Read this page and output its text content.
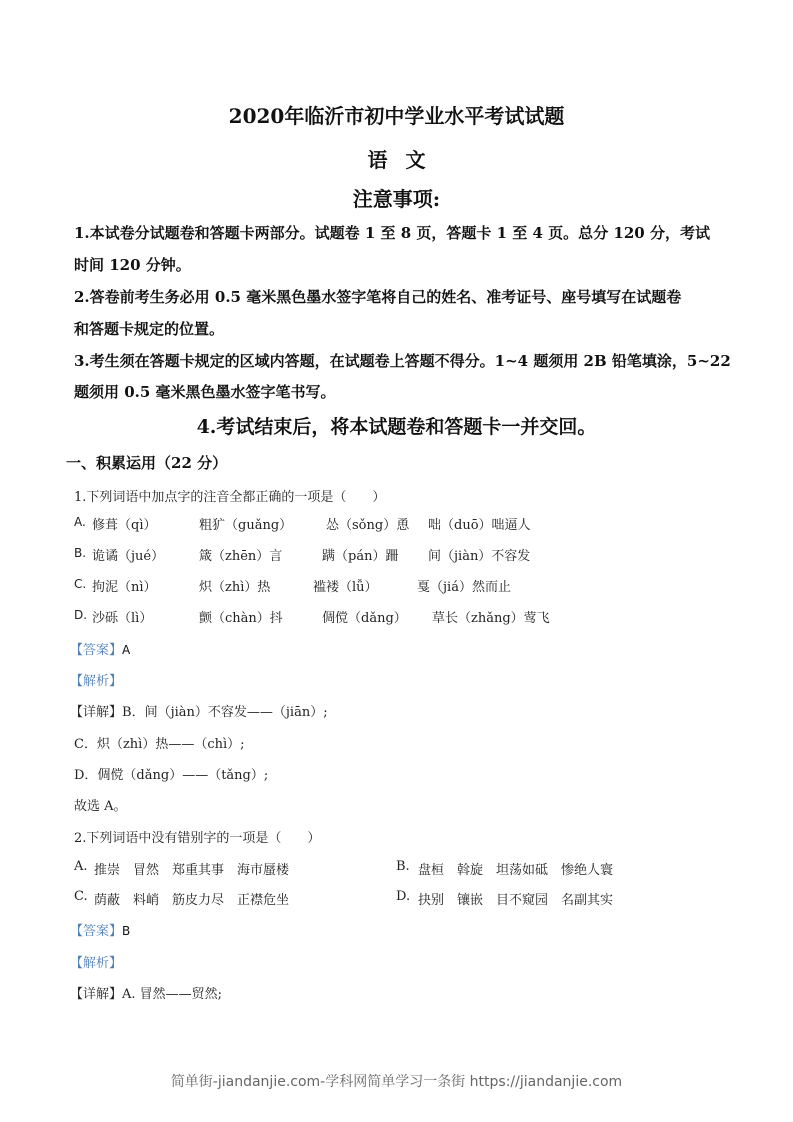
2020年临沂市初中学业水平考试试题
语文
注意事项:
1.本试卷分试题卷和答题卡两部分。试题卷 1 至 8 页，答题卡 1 至 4 页。总分 120 分，考试
时间 120 分钟。
2.答卷前考生务必用 0.5 毫米黑色墨水签字笔将自己的姓名、准考证号、座号填写在试题卷
和答题卡规定的位置。
3.考生须在答题卡规定的区域内答题，在试题卷上答题不得分。1~4 题须用 2B 铅笔填涂，5~22
题须用 0.5 毫米黑色墨水签字笔书写。
4.考试结束后，将本试题卷和答题卡一并交回。
一、积累运用（22 分）
1.下列词语中加点字的注音全都正确的一项是（　　）
A. 修葺（qì）	粗犷（guǎng）	怂（sǒng）恿 咄（duō）咄逼人
B. 诡谲（jué）	箴（zhēn）言	蹒（pán）跚 间（jiàn）不容发
C. 拘泥（nì）	炽（zhì）热	褴褛（lǚ）	戛（jiá）然而止
D. 沙砾（lì）	颤（chàn）抖	倜傥（dǎng） 草长（zhǎng）莺飞
【答案】A
【解析】
【详解】B．间（jiàn）不容发——（jiān）;
C．炽（zhì）热——（chì）;
D．倜傥（dǎng）——（tǎng）;
故选 A。
2.下列词语中没有错别字的一项是（　　）
A. 推崇　冒然　郑重其事　海市蜃楼	B. 盘桓　斡旋　坦荡如砥　惨绝人寰
C. 荫蔽　料峭　筋皮力尽　正襟危坐	D. 抉别　镶嵌　目不窥园　名副其实
【答案】B
【解析】
【详解】A. 冒然——贸然;
简单街-jiandanjie.com-学科网简单学习一条街 https://jiandanjie.com
